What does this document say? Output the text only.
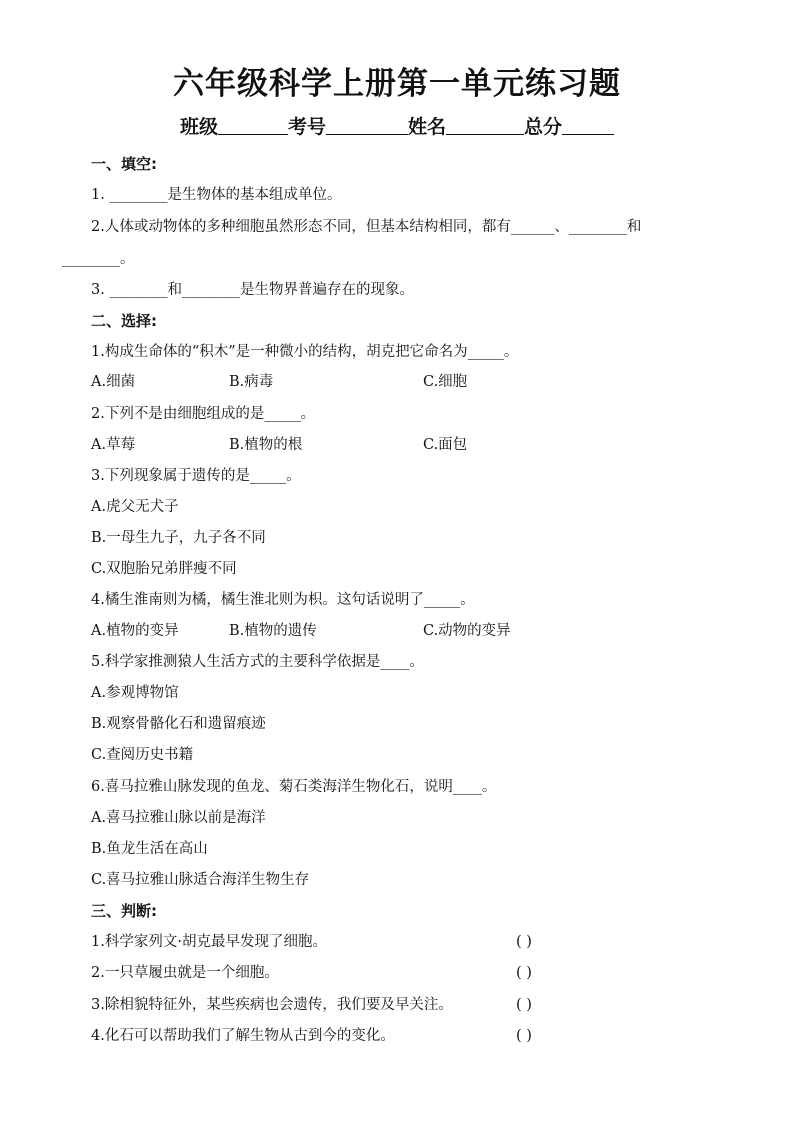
六年级科学上册第一单元练习题
班级	考号	姓名	总分
一、填空:
1. ________是生物体的基本组成单位。
2.人体或动物体的多种细胞虽然形态不同，但基本结构相同，都有______、________和
________。
3. ________和________是生物界普遍存在的现象。
二、选择:
1.构成生命体的“积木”是一种微小的结构，胡克把它命名为_____。
A.细菌	B.病毒	C.细胞
2.下列不是由细胞组成的是_____。
A.草莓	B.植物的根	C.面包
3.下列现象属于遗传的是_____。
A.虎父无犬子
B.一母生九子，九子各不同
C.双胞胎兄弟胖瘦不同
4.橘生淮南则为橘，橘生淮北则为枳。这句话说明了_____。
A.植物的变异	B.植物的遗传	C.动物的变异
5.科学家推测猿人生活方式的主要科学依据是____。
A.参观博物馆
B.观察骨骼化石和遗留痕迹
C.查阅历史书籍
6.喜马拉雅山脉发现的鱼龙、菊石类海洋生物化石，说明____。
A.喜马拉雅山脉以前是海洋
B.鱼龙生活在高山
C.喜马拉雅山脉适合海洋生物生存
三、判断:
1.科学家列文·胡克最早发现了细胞。	( )
2.一只草履虫就是一个细胞。	( )
3.除相貌特征外，某些疾病也会遗传，我们要及早关注。	( )
4.化石可以帮助我们了解生物从古到今的变化。	( )
